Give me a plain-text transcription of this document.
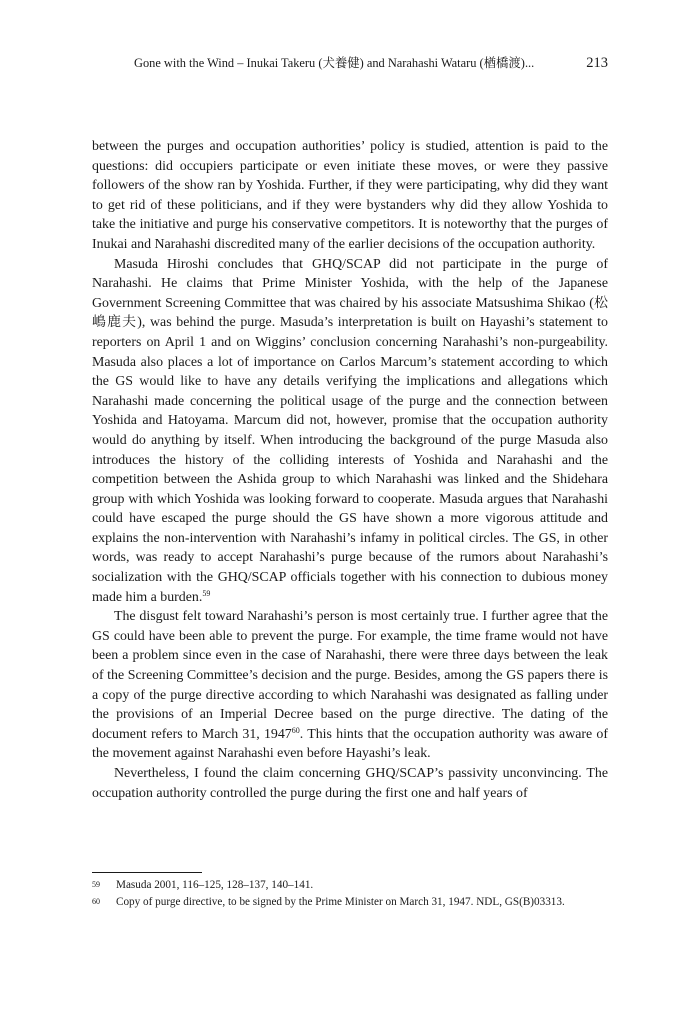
Gone with the Wind – Inukai Takeru (犬養健) and Narahashi Wataru (楢橋渡)...	213

between the purges and occupation authorities’ policy is studied, attention is paid to the questions: did occupiers participate or even initiate these moves, or were they passive followers of the show ran by Yoshida. Further, if they were participating, why did they want to get rid of these politicians, and if they were bystanders why did they allow Yoshida to take the initiative and purge his conservative competitors. It is noteworthy that the purges of Inukai and Narahashi discredited many of the earlier decisions of the occupation authority.

Masuda Hiroshi concludes that GHQ/SCAP did not participate in the purge of Narahashi. He claims that Prime Minister Yoshida, with the help of the Japanese Government Screening Committee that was chaired by his associate Matsushima Shikao (松嶋鹿夫), was behind the purge. Masuda’s interpretation is built on Hayashi’s statement to reporters on April 1 and on Wiggins’ conclusion concerning Narahashi’s non-purgeability. Masuda also places a lot of importance on Carlos Marcum’s statement according to which the GS would like to have any details verifying the implications and allegations which Narahashi made concerning the political usage of the purge and the connection between Yoshida and Hatoyama. Marcum did not, however, promise that the occupation authority would do anything by itself. When introducing the background of the purge Masuda also introduces the history of the colliding interests of Yoshida and Narahashi and the competition between the Ashida group to which Narahashi was linked and the Shidehara group with which Yoshida was looking forward to cooperate. Masuda argues that Narahashi could have escaped the purge should the GS have shown a more vigorous attitude and explains the non-intervention with Narahashi’s infamy in political circles. The GS, in other words, was ready to accept Narahashi’s purge because of the rumors about Narahashi’s socialization with the GHQ/SCAP officials together with his connection to dubious money made him a burden.$^{59}$

The disgust felt toward Narahashi’s person is most certainly true. I further agree that the GS could have been able to prevent the purge. For example, the time frame would not have been a problem since even in the case of Narahashi, there were three days between the leak of the Screening Committee’s decision and the purge. Besides, among the GS papers there is a copy of the purge directive according to which Narahashi was designated as falling under the provisions of an Imperial Decree based on the purge directive. The dating of the document refers to March 31, 1947$^{60}$. This hints that the occupation authority was aware of the movement against Narahashi even before Hayashi’s leak.

Nevertheless, I found the claim concerning GHQ/SCAP’s passivity unconvincing. The occupation authority controlled the purge during the first one and half years of

59	Masuda 2001, 116–125, 128–137, 140–141.
60	Copy of purge directive, to be signed by the Prime Minister on March 31, 1947. NDL, GS(B)03313.
